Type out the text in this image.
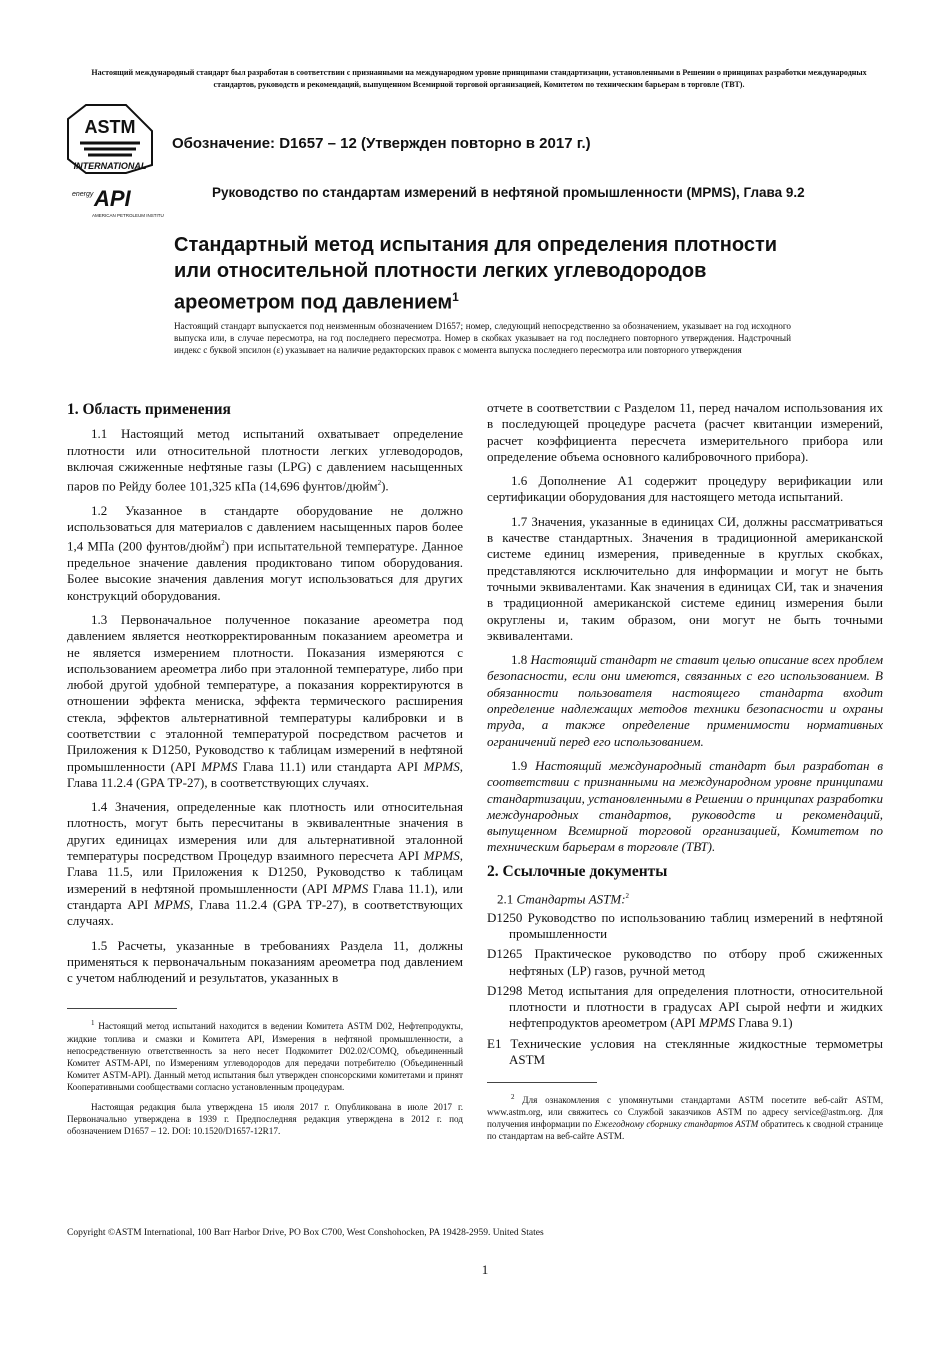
Настоящий международный стандарт был разработан в соответствии с признанными на международном уровне принципами стандартизации, установленными в Решении о принципах разработки международных стандартов, руководств и рекомендаций, выпущенном Всемирной торговой организацией, Комитетом по техническим барьерам в торговле (ТВТ).
ASTM
INTERNATIONAL
energy API
AMERICAN PETROLEUM INSTITUTE
Обозначение: D1657 – 12 (Утвержден повторно в 2017 г.)
Руководство по стандартам измерений в нефтяной промышленности (MPMS), Глава 9.2
Стандартный метод испытания для определения плотности или относительной плотности легких углеводородов ареометром под давлением$^1$
Настоящий стандарт выпускается под неизменным обозначением D1657; номер, следующий непосредственно за обозначением, указывает на год исходного выпуска или, в случае пересмотра, на год последнего пересмотра. Номер в скобках указывает на год последнего повторного утверждения. Надстрочный индекс с буквой эпсилон (ε) указывает на наличие редакторских правок с момента выпуска последнего пересмотра или повторного утверждения
1. Область применения

1.1 Настоящий метод испытаний охватывает определение плотности или относительной плотности легких углеводородов, включая сжиженные нефтяные газы (LPG) с давлением насыщенных паров по Рейду более 101,325 кПа (14,696 фунтов/дюйм$^2$).

1.2 Указанное в стандарте оборудование не должно использоваться для материалов с давлением насыщенных паров более 1,4 МПа (200 фунтов/дюйм$^2$) при испытательной температуре. Данное предельное значение давления продиктовано типом оборудования. Более высокие значения давления могут использоваться для других конструкций оборудования.

1.3 Первоначальное полученное показание ареометра под давлением является неоткорректированным показанием ареометра и не является измерением плотности. Показания измеряются с использованием ареометра либо при эталонной температуре, либо при любой другой удобной температуре, а показания корректируются в отношении эффекта мениска, эффекта термического расширения стекла, эффектов альтернативной температуры калибровки и в соответствии с эталонной температурой посредством расчетов и Приложения к D1250, Руководство к таблицам измерений в нефтяной промышленности (API MPMS Глава 11.1) или стандарта API MPMS, Глава 11.2.4 (GPA TP-27), в соответствующих случаях.

1.4 Значения, определенные как плотность или относительная плотность, могут быть пересчитаны в эквивалентные значения в других единицах измерения или для альтернативной эталонной температуры посредством Процедур взаимного пересчета API MPMS, Глава 11.5, или Приложения к D1250, Руководство к таблицам измерений в нефтяной промышленности (API MPMS Глава 11.1), или стандарта API MPMS, Глава 11.2.4 (GPA TP-27), в соответствующих случаях.

1.5 Расчеты, указанные в требованиях Раздела 11, должны применяться к первоначальным показаниям ареометра под давлением с учетом наблюдений и результатов, указанных в

$^1$ Настоящий метод испытаний находится в ведении Комитета ASTM D02, Нефтепродукты, жидкие топлива и смазки и Комитета API, Измерения в нефтяной промышленности, а непосредственную ответственность за него несет Подкомитет D02.02/COMQ, объединенный Комитет ASTM-API, по Измерениям углеводородов для передачи потребителю (Объединенный Комитет ASTM-API). Данный метод испытания был утвержден спонсорскими комитетами и принят Кооперативными сообществами согласно установленным процедурам.

Настоящая редакция была утверждена 15 июля 2017 г. Опубликована в июле 2017 г. Первоначально утверждена в 1939 г. Предпоследняя редакция утверждена в 2012 г. под обозначением D1657 – 12. DOI: 10.1520/D1657-12R17.

отчете в соответствии с Разделом 11, перед началом использования их в последующей процедуре расчета (расчет квитанции измерений, расчет коэффициента пересчета измерительного прибора или определение объема основного калибровочного прибора).

1.6 Дополнение A1 содержит процедуру верификации или сертификации оборудования для настоящего метода испытаний.

1.7 Значения, указанные в единицах СИ, должны рассматриваться в качестве стандартных. Значения в традиционной американской системе единиц измерения, приведенные в круглых скобках, представляются исключительно для информации и могут не быть точными эквивалентами. Как значения в единицах СИ, так и значения в традиционной американской системе единиц измерения были округлены и, таким образом, они могут не быть точными эквивалентами.

1.8 Настоящий стандарт не ставит целью описание всех проблем безопасности, если они имеются, связанных с его использованием. В обязанности пользователя настоящего стандарта входит определение надлежащих методов техники безопасности и охраны труда, а также определение применимости нормативных ограничений перед его использованием.

1.9 Настоящий международный стандарт был разработан в соответствии с признанными на международном уровне принципами стандартизации, установленными в Решении о принципах разработки международных стандартов, руководств и рекомендаций, выпущенном Всемирной торговой организацией, Комитетом по техническим барьерам в торговле (ТВТ).

2. Ссылочные документы
2.1 Стандарты ASTM:$^2$
D1250 Руководство по использованию таблиц измерений в нефтяной промышленности
D1265 Практическое руководство по отбору проб сжиженных нефтяных (LP) газов, ручной метод
D1298 Метод испытания для определения плотности, относительной плотности и плотности в градусах API сырой нефти и жидких нефтепродуктов ареометром (API MPMS Глава 9.1)
E1 Технические условия на стеклянные жидкостные термометры ASTM

$^2$ Для ознакомления с упомянутыми стандартами ASTM посетите веб-сайт ASTM, www.astm.org, или свяжитесь со Службой заказчиков ASTM по адресу service@astm.org. Для получения информации по Ежегодному сборнику стандартов ASTM обратитесь к сводной странице по стандартам на веб-сайте ASTM.

Copyright ©ASTM International, 100 Barr Harbor Drive, PO Box C700, West Conshohocken, PA 19428-2959. United States
1
